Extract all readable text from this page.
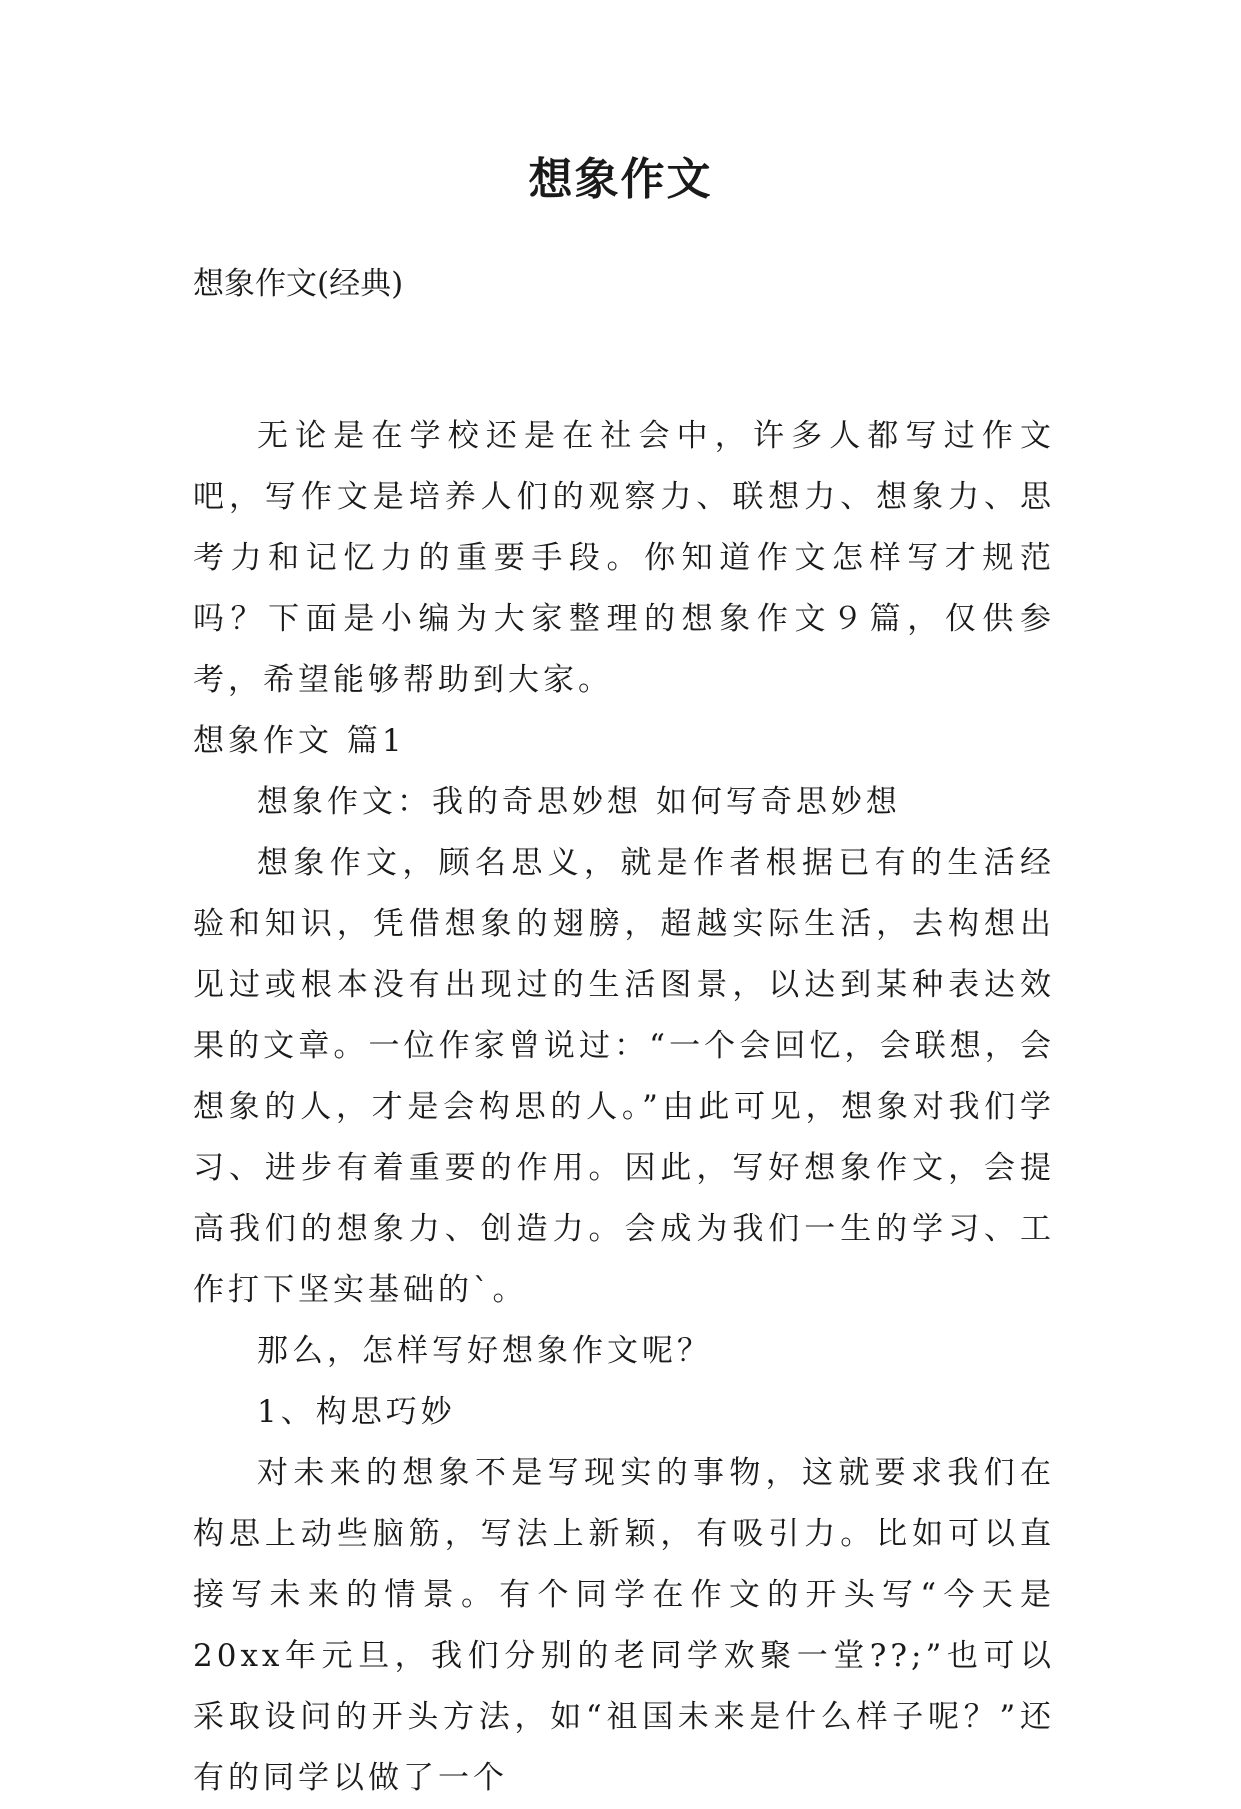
想象作文
想象作文(经典)

无论是在学校还是在社会中，许多人都写过作文吧，写作文是培养人们的观察力、联想力、想象力、思考力和记忆力的重要手段。你知道作文怎样写才规范吗？下面是小编为大家整理的想象作文９篇，仅供参考，希望能够帮助到大家。

想象作文 篇1

想象作文：我的奇思妙想 如何写奇思妙想

想象作文，顾名思义，就是作者根据已有的生活经验和知识，凭借想象的翅膀，超越实际生活，去构想出见过或根本没有出现过的生活图景，以达到某种表达效果的文章。一位作家曾说过：“一个会回忆，会联想，会想象的人，才是会构思的人。”由此可见，想象对我们学习、进步有着重要的作用。因此，写好想象作文，会提高我们的想象力、创造力。会成为我们一生的学习、工作打下坚实基础的`。

那么，怎样写好想象作文呢？

1、构思巧妙

对未来的想象不是写现实的事物，这就要求我们在构思上动些脑筋，写法上新颖，有吸引力。比如可以直接写未来的情景。有个同学在作文的开头写“今天是20xx年元旦，我们分别的老同学欢聚一堂??;”也可以采取设问的开头方法，如“祖国未来是什么样子呢？”还有的同学以做了一个
